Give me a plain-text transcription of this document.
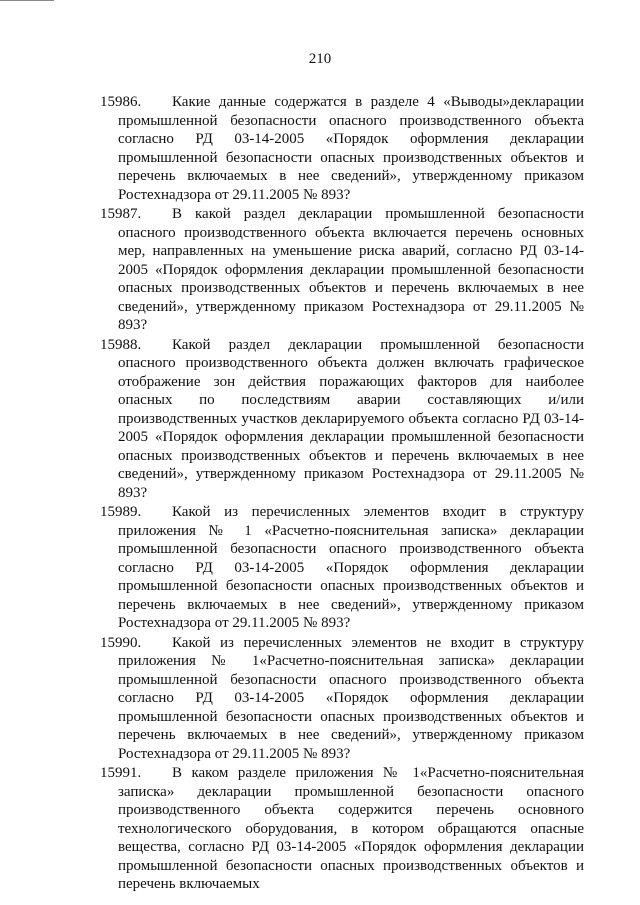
210

15986. Какие данные содержатся в разделе 4 «Выводы»декларации промышленной безопасности опасного производственного объекта согласно РД 03-14-2005 «Порядок оформления декларации промышленной безопасности опасных производственных объектов и перечень включаемых в нее сведений», утвержденному приказом Ростехнадзора от 29.11.2005 № 893?

15987. В какой раздел декларации промышленной безопасности опасного производственного объекта включается перечень основных мер, направленных на уменьшение риска аварий, согласно РД 03-14-2005 «Порядок оформления декларации промышленной безопасности опасных производственных объектов и перечень включаемых в нее сведений», утвержденному приказом Ростехнадзора от 29.11.2005 № 893?

15988. Какой раздел декларации промышленной безопасности опасного производственного объекта должен включать графическое отображение зон действия поражающих факторов для наиболее опасных по последствиям аварии составляющих и/или производственных участков декларируемого объекта согласно РД 03-14-2005 «Порядок оформления декларации промышленной безопасности опасных производственных объектов и перечень включаемых в нее сведений», утвержденному приказом Ростехнадзора от 29.11.2005 № 893?

15989. Какой из перечисленных элементов входит в структуру приложения № 1 «Расчетно-пояснительная записка» декларации промышленной безопасности опасного производственного объекта согласно РД 03-14-2005 «Порядок оформления декларации промышленной безопасности опасных производственных объектов и перечень включаемых в нее сведений», утвержденному приказом Ростехнадзора от 29.11.2005 № 893?

15990. Какой из перечисленных элементов не входит в структуру приложения № 1«Расчетно-пояснительная записка» декларации промышленной безопасности опасного производственного объекта согласно РД 03-14-2005 «Порядок оформления декларации промышленной безопасности опасных производственных объектов и перечень включаемых в нее сведений», утвержденному приказом Ростехнадзора от 29.11.2005 № 893?

15991. В каком разделе приложения № 1«Расчетно-пояснительная записка» декларации промышленной безопасности опасного производственного объекта содержится перечень основного технологического оборудования, в котором обращаются опасные вещества, согласно РД 03-14-2005 «Порядок оформления декларации промышленной безопасности опасных производственных объектов и перечень включаемых
